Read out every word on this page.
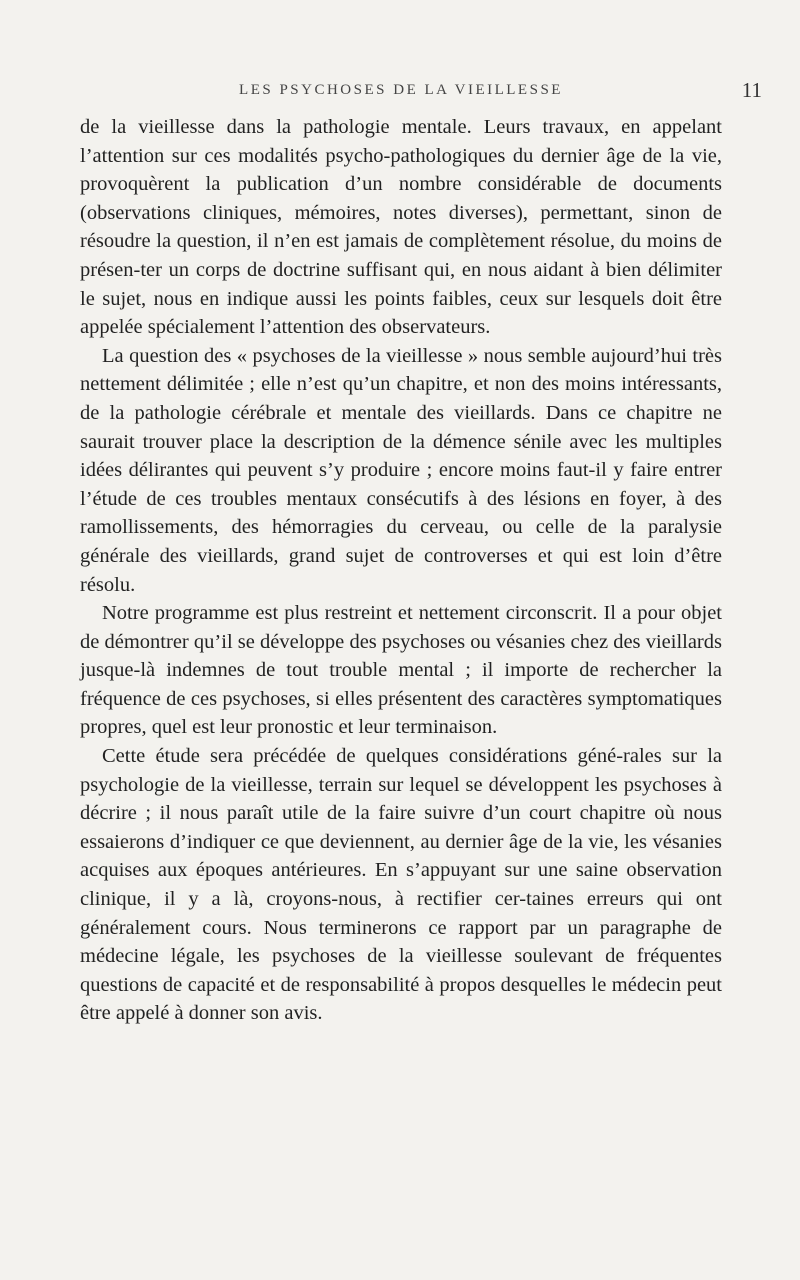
LES PSYCHOSES DE LA VIEILLESSE	11

de la vieillesse dans la pathologie mentale. Leurs travaux, en appelant l’attention sur ces modalités psycho-pathologiques du dernier âge de la vie, provoquèrent la publication d’un nombre considérable de documents (observations cliniques, mémoires, notes diverses), permettant, sinon de résoudre la question, il n’en est jamais de complètement résolue, du moins de présen-ter un corps de doctrine suffisant qui, en nous aidant à bien délimiter le sujet, nous en indique aussi les points faibles, ceux sur lesquels doit être appelée spécialement l’attention des observateurs.

La question des « psychoses de la vieillesse » nous semble aujourd’hui très nettement délimitée ; elle n’est qu’un chapitre, et non des moins intéressants, de la pathologie cérébrale et mentale des vieillards. Dans ce chapitre ne saurait trouver place la description de la démence sénile avec les multiples idées délirantes qui peuvent s’y produire ; encore moins faut-il y faire entrer l’étude de ces troubles mentaux consécutifs à des lésions en foyer, à des ramollissements, des hémorragies du cerveau, ou celle de la paralysie générale des vieillards, grand sujet de controverses et qui est loin d’être résolu.

Notre programme est plus restreint et nettement circonscrit. Il a pour objet de démontrer qu’il se développe des psychoses ou vésanies chez des vieillards jusque-là indemnes de tout trouble mental ; il importe de rechercher la fréquence de ces psychoses, si elles présentent des caractères symptomatiques propres, quel est leur pronostic et leur terminaison.

Cette étude sera précédée de quelques considérations géné-rales sur la psychologie de la vieillesse, terrain sur lequel se développent les psychoses à décrire ; il nous paraît utile de la faire suivre d’un court chapitre où nous essaierons d’indiquer ce que deviennent, au dernier âge de la vie, les vésanies acquises aux époques antérieures. En s’appuyant sur une saine observation clinique, il y a là, croyons-nous, à rectifier cer-taines erreurs qui ont généralement cours. Nous terminerons ce rapport par un paragraphe de médecine légale, les psychoses de la vieillesse soulevant de fréquentes questions de capacité et de responsabilité à propos desquelles le médecin peut être appelé à donner son avis.
